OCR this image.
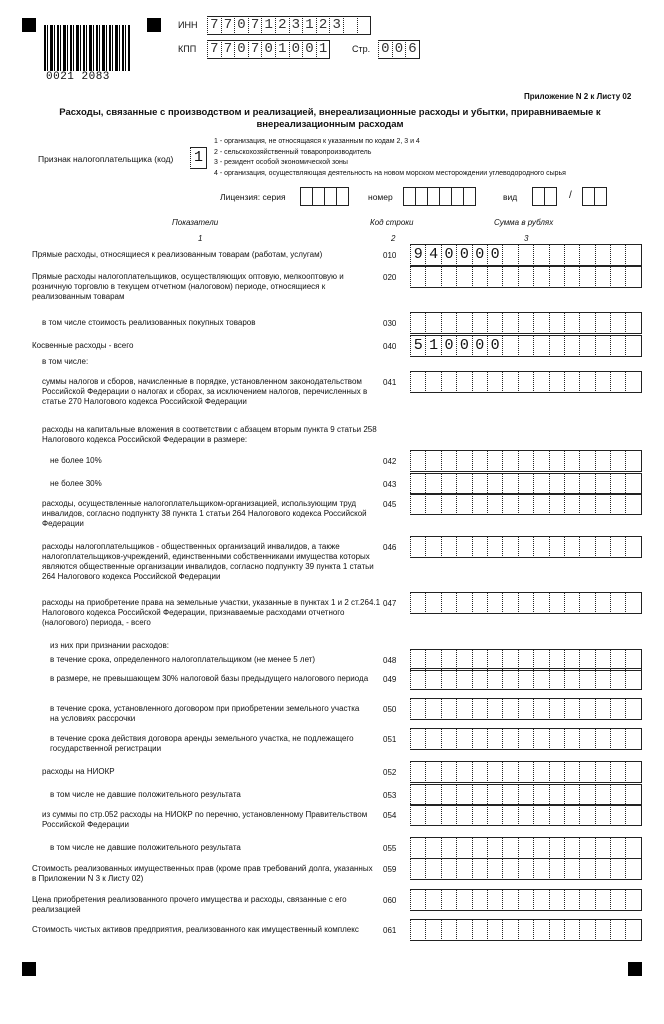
0021 2083
ИНН 7 7 0 7 1 2 3 1 2 3
КПП 7 7 0 7 0 1 0 0 1	Стр. 0 0 6
Приложение N 2 к Листу 02
Расходы, связанные с производством и реализацией, внереализационные расходы и убытки, приравниваемые к внереализационным расходам
Признак налогоплательщика (код) 1
1 - организация, не относящаяся к указанным по кодам 2, 3 и 4
2 - сельскохозяйственный товаропроизводитель
3 - резидент особой экономической зоны
4 - организация, осуществляющая деятельность на новом морском месторождении углеводородного сырья
Лицензия: серия	номер	вид	/
Показатели	Код строки	Сумма в рублях
1	2	3
Прямые расходы, относящиеся к реализованным товарам (работам, услугам)	010 9 4 0 0 0 0
Прямые расходы налогоплательщиков, осуществляющих оптовую, мелкооптовую и розничную торговлю в текущем отчетном (налоговом) периоде, относящиеся к реализованным товарам
020
в том числе стоимость реализованных покупных товаров	030
Косвенные расходы - всего	040 5 1 0 0 0 0
в том числе:
суммы налогов и сборов, начисленные в порядке, установленном законодательством Российской Федерации о налогах и сборах, за исключением налогов, перечисленных в статье 270 Налогового кодекса Российской Федерации
041
расходы на капитальные вложения в соответствии с абзацем вторым пункта 9 статьи 258 Налогового кодекса Российской Федерации в размере:
не более 10%	042
не более 30%	043
расходы, осуществленные налогоплательщиком-организацией, использующим труд инвалидов, согласно подпункту 38 пункта 1 статьи 264 Налогового кодекса Российской Федерации
045
расходы налогоплательщиков - общественных организаций инвалидов, а также налогоплательщиков-учреждений, единственными собственниками имущества которых являются общественные организации инвалидов, согласно подпункту 39 пункта 1 статьи 264 Налогового кодекса Российской Федерации
046
расходы на приобретение права на земельные участки, указанные в пунктах 1 и 2 ст.264.1 Налогового кодекса Российской Федерации, признаваемые расходами отчетного (налогового) периода, - всего
047
из них при признании расходов:
в течение срока, определенного налогоплательщиком (не менее 5 лет)	048
в размере, не превышающем 30% налоговой базы предыдущего налогового периода 049
в течение срока, установленного договором при приобретении земельного участка на условиях рассрочки
050
в течение срока действия договора аренды земельного участка, не подлежащего государственной регистрации
051
расходы на НИОКР	052
в том числе не давшие положительного результата	053
из суммы по стр.052 расходы на НИОКР по перечню, установленному Правительством Российской Федерации
054
в том числе не давшие положительного результата	055
Стоимость реализованных имущественных прав (кроме прав требований долга, указанных в Приложении N 3 к Листу 02)
059
Цена приобретения реализованного прочего имущества и расходы, связанные с его реализацией
060
Стоимость чистых активов предприятия, реализованного как имущественный комплекс	061
